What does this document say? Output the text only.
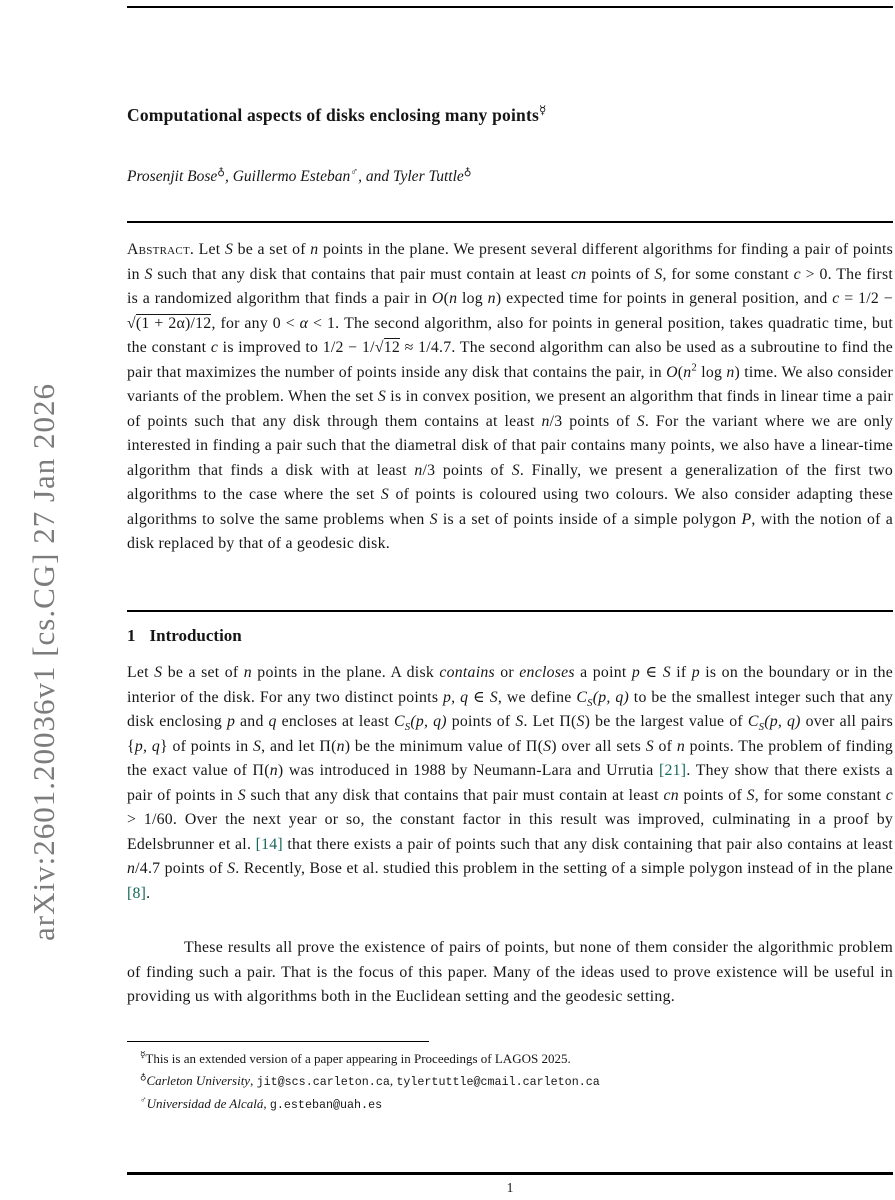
arXiv:2601.20036v1 [cs.CG] 27 Jan 2026
Computational aspects of disks enclosing many points☿
Prosenjit Bose♁, Guillermo Esteban♂, and Tyler Tuttle♁

Abstract. Let S be a set of n points in the plane. We present several different algorithms for finding a pair of points in S such that any disk that contains that pair must contain at least cn points of S, for some constant c > 0. The first is a randomized algorithm that finds a pair in O(n log n) expected time for points in general position, and c = 1/2 − √(1 + 2α)/12, for any 0 < α < 1. The second algorithm, also for points in general position, takes quadratic time, but the constant c is improved to 1/2 − 1/√12 ≈ 1/4.7. The second algorithm can also be used as a subroutine to find the pair that maximizes the number of points inside any disk that contains the pair, in $O(n^2$ log n) time. We also consider variants of the problem. When the set S is in convex position, we present an algorithm that finds in linear time a pair of points such that any disk through them contains at least n/3 points of S. For the variant where we are only interested in finding a pair such that the diametral disk of that pair contains many points, we also have a linear-time algorithm that finds a disk with at least n/3 points of S. Finally, we present a generalization of the first two algorithms to the case where the set S of points is coloured using two colours. We also consider adapting these algorithms to solve the same problems when S is a set of points inside of a simple polygon P, with the notion of a disk replaced by that of a geodesic disk.

1 Introduction

Let S be a set of n points in the plane. A disk contains or encloses a point p ∈ S if p is on the boundary or in the interior of the disk. For any two distinct points p, q ∈ S, we define $C_S(p$, q) to be the smallest integer such that any disk enclosing p and q encloses at least $C_S(p$, q) points of S. Let Π(S) be the largest value of $C_S(p$, q) over all pairs {p, q} of points in S, and let Π(n) be the minimum value of Π(S) over all sets S of n points. The problem of finding the exact value of Π(n) was introduced in 1988 by Neumann-Lara and Urrutia [21]. They show that there exists a pair of points in S such that any disk that contains that pair must contain at least cn points of S, for some constant c > 1/60. Over the next year or so, the constant factor in this result was improved, culminating in a proof by Edelsbrunner et al. [14] that there exists a pair of points such that any disk containing that pair also contains at least n/4.7 points of S. Recently, Bose et al. studied this problem in the setting of a simple polygon instead of in the plane [8].

These results all prove the existence of pairs of points, but none of them consider the algorithmic problem of finding such a pair. That is the focus of this paper. Many of the ideas used to prove existence will be useful in providing us with algorithms both in the Euclidean setting and the geodesic setting.

☿This is an extended version of a paper appearing in Proceedings of LAGOS 2025.

♁Carleton University, jit@scs.carleton.ca, tylertuttle@cmail.carleton.ca

♂Universidad de Alcalá, g.esteban@uah.es

1
